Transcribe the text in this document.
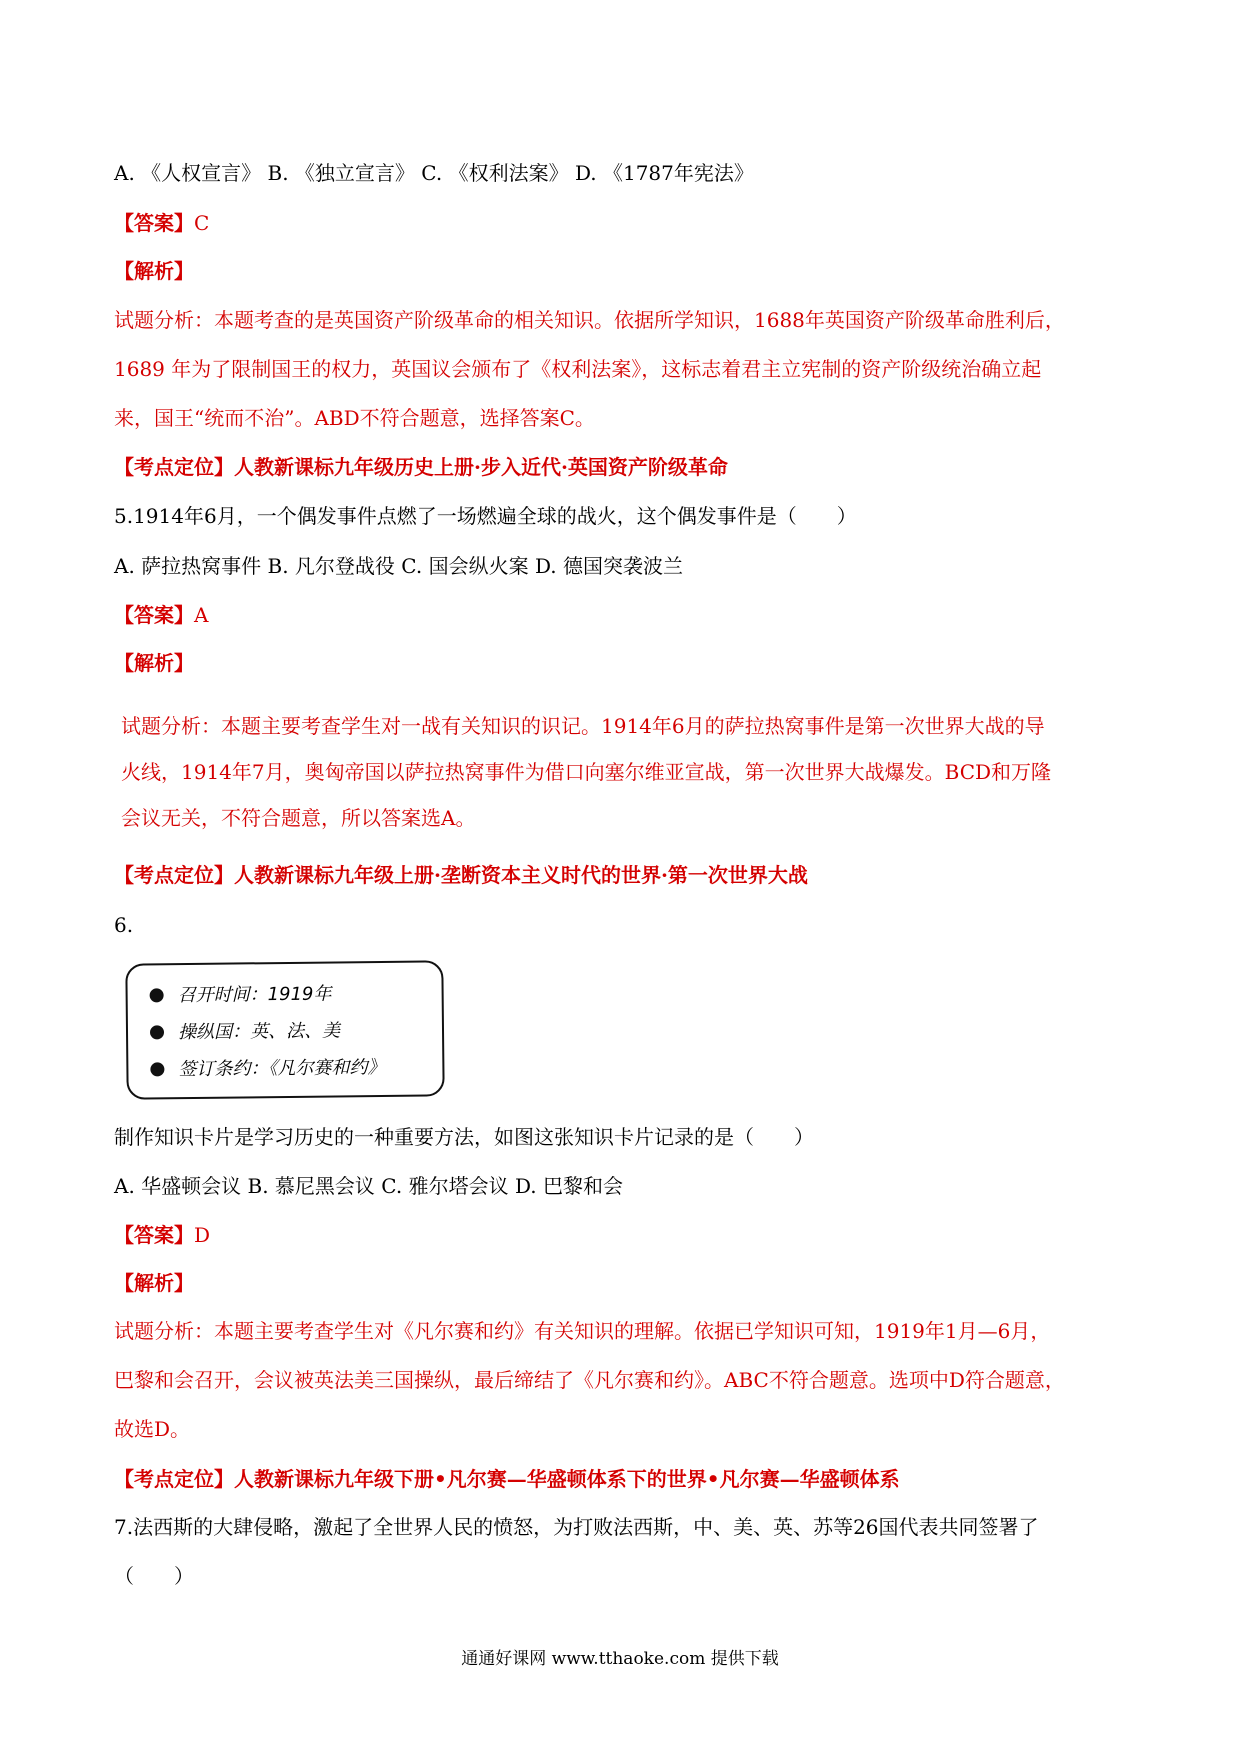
A. 《人权宣言》 B. 《独立宣言》 C. 《权利法案》 D. 《1787年宪法》
【答案】C
【解析】
试题分析：本题考查的是英国资产阶级革命的相关知识。依据所学知识，1688年英国资产阶级革命胜利后，
1689 年为了限制国王的权力，英国议会颁布了《权利法案》，这标志着君主立宪制的资产阶级统治确立起
来，国王“统而不治”。ABD不符合题意，选择答案C。
【考点定位】人教新课标九年级历史上册·步入近代·英国资产阶级革命
5.1914年6月，一个偶发事件点燃了一场燃遍全球的战火，这个偶发事件是（　　）
A. 萨拉热窝事件 B. 凡尔登战役 C. 国会纵火案 D. 德国突袭波兰
【答案】A
【解析】
试题分析：本题主要考查学生对一战有关知识的识记。1914年6月的萨拉热窝事件是第一次世界大战的导
火线，1914年7月，奥匈帝国以萨拉热窝事件为借口向塞尔维亚宣战，第一次世界大战爆发。BCD和万隆
会议无关，不符合题意，所以答案选A。
【考点定位】人教新课标九年级上册·垄断资本主义时代的世界·第一次世界大战
6.
召开时间：1919年
操纵国：英、法、美
签订条约：《凡尔赛和约》
制作知识卡片是学习历史的一种重要方法，如图这张知识卡片记录的是（　　）
A. 华盛顿会议 B. 慕尼黑会议 C. 雅尔塔会议 D. 巴黎和会
【答案】D
【解析】
试题分析：本题主要考查学生对《凡尔赛和约》有关知识的理解。依据已学知识可知，1919年1月—6月，
巴黎和会召开，会议被英法美三国操纵，最后缔结了《凡尔赛和约》。ABC不符合题意。选项中D符合题意，
故选D。
【考点定位】人教新课标九年级下册•凡尔赛—华盛顿体系下的世界•凡尔赛—华盛顿体系
7.法西斯的大肆侵略，激起了全世界人民的愤怒，为打败法西斯，中、美、英、苏等26国代表共同签署了
（　　）
通通好课网 www.tthaoke.com 提供下载
